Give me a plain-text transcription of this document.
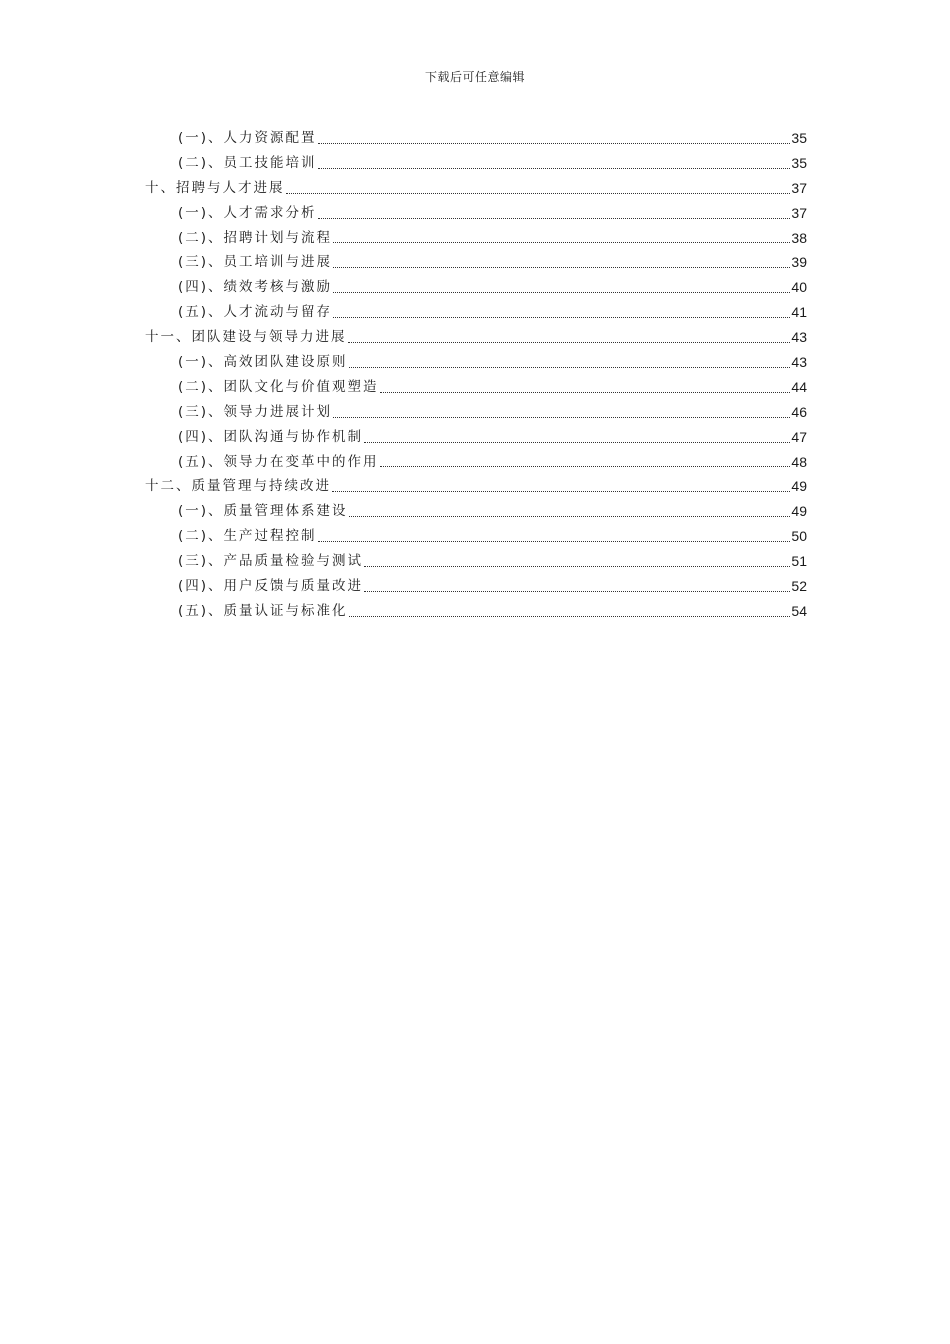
下载后可任意编辑
(一)、人力资源配置	35
(二)、员工技能培训	35
十、招聘与人才进展	37
(一)、人才需求分析	37
(二)、招聘计划与流程	38
(三)、员工培训与进展	39
(四)、绩效考核与激励	40
(五)、人才流动与留存	41
十一、团队建设与领导力进展	43
(一)、高效团队建设原则	43
(二)、团队文化与价值观塑造	44
(三)、领导力进展计划	46
(四)、团队沟通与协作机制	47
(五)、领导力在变革中的作用	48
十二、质量管理与持续改进	49
(一)、质量管理体系建设	49
(二)、生产过程控制	50
(三)、产品质量检验与测试	51
(四)、用户反馈与质量改进	52
(五)、质量认证与标准化	54
